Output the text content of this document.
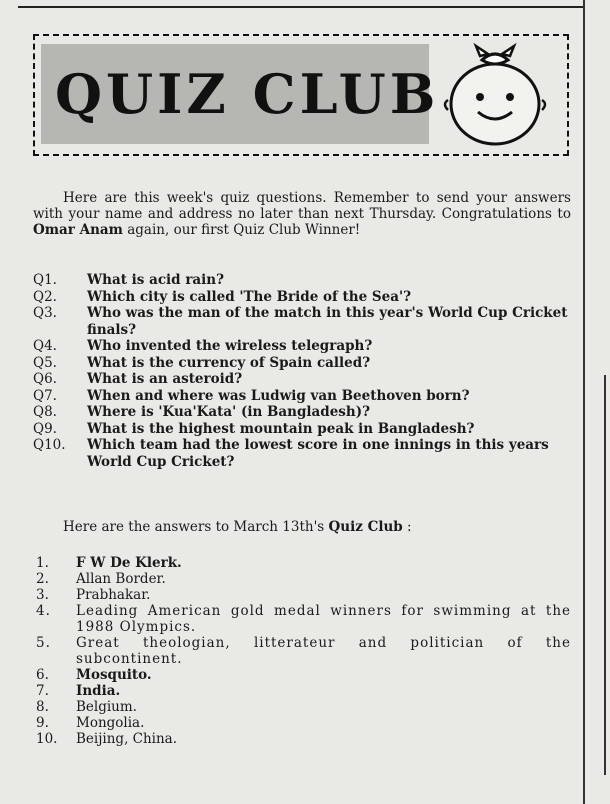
QUIZ CLUB

Here are this week's quiz questions. Remember to send your answers with your name and address no later than next Thursday. Congratulations to Omar Anam again, our first Quiz Club Winner!

Q1.	What is acid rain?
Q2.	Which city is called 'The Bride of the Sea'?
Q3.	Who was the man of the match in this year's World Cup Cricket finals?
Q4.	Who invented the wireless telegraph?
Q5.	What is the currency of Spain called?
Q6.	What is an asteroid?
Q7.	When and where was Ludwig van Beethoven born?
Q8.	Where is 'Kua'Kata' (in Bangladesh)?
Q9.	What is the highest mountain peak in Bangladesh?
Q10.	Which team had the lowest score in one innings in this years World Cup Cricket?
Here are the answers to March 13th's Quiz Club :
1. F W De Klerk.
2. Allan Border.
3. Prabhakar.
4. Leading American gold medal winners for swimming at the 1988 Olympics.
5. Great theologian, litterateur and politician of the subcontinent.
6. Mosquito.
7. India.
8. Belgium.
9. Mongolia.
10. Beijing, China.
